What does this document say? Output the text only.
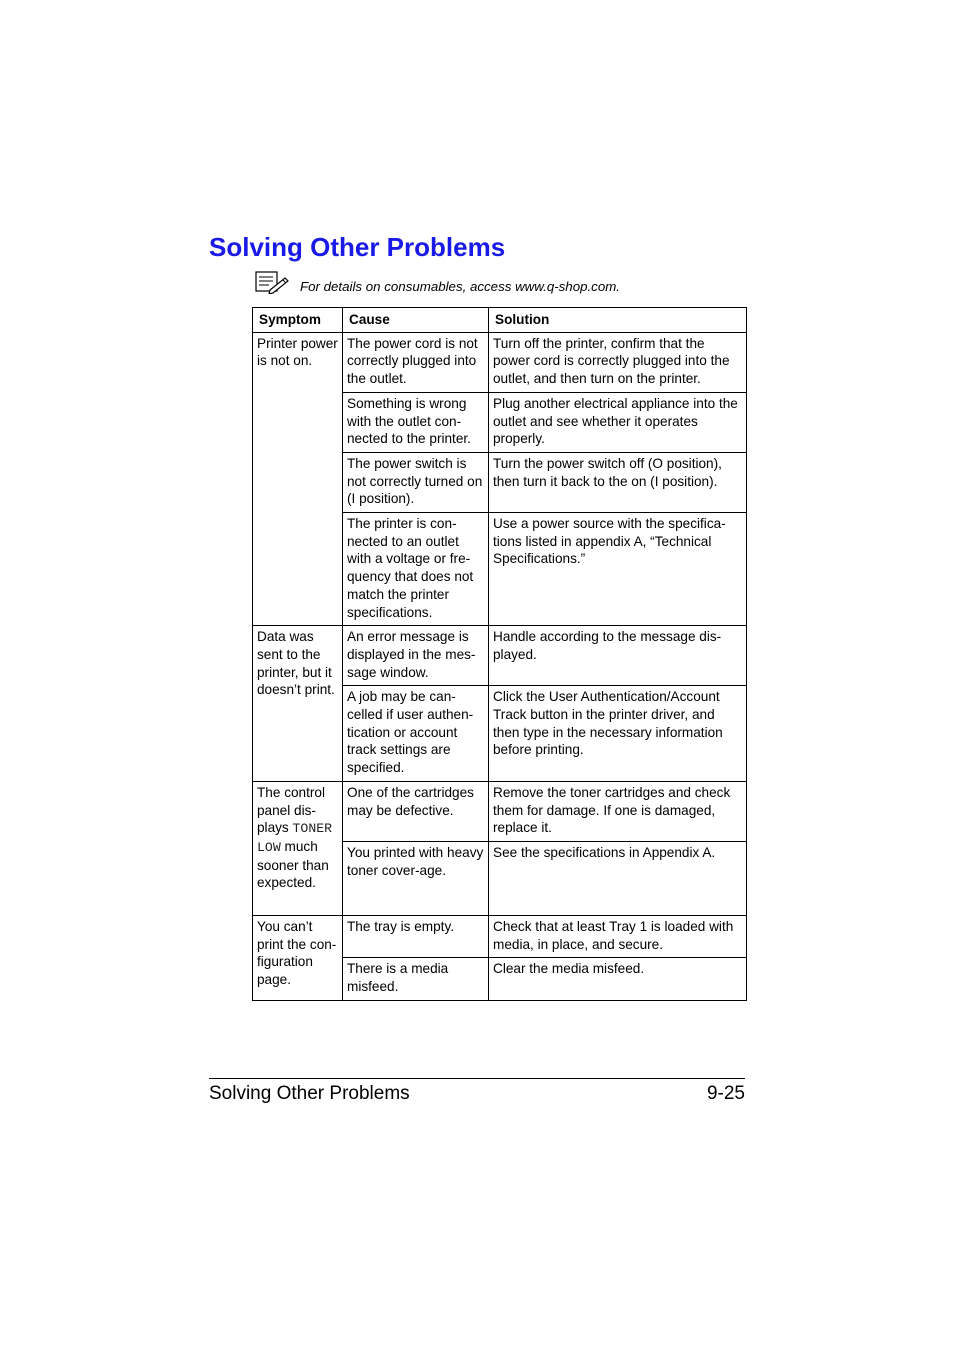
Solving Other Problems
For details on consumables, access www.q-shop.com.
Symptom	Cause	Solution
Printer power is not on.	The power cord is not correctly plugged into the outlet.	Turn off the printer, confirm that the power cord is correctly plugged into the outlet, and then turn on the printer.
	Something is wrong with the outlet con-nected to the printer.	Plug another electrical appliance into the outlet and see whether it operates properly.
	The power switch is not correctly turned on (I position).	Turn the power switch off (O position), then turn it back to the on (I position).
	The printer is con-nected to an outlet with a voltage or fre-quency that does not match the printer specifications.	Use a power source with the specifica-tions listed in appendix A, “Technical Specifications.”
Data was sent to the printer, but it doesn’t print.	An error message is displayed in the mes-sage window.	Handle according to the message dis-played.
	A job may be can-celled if user authen-tication or account track settings are specified.	Click the User Authentication/Account Track button in the printer driver, and then type in the necessary information before printing.
The control panel dis-plays TONER LOW much sooner than expected.	One of the cartridges may be defective.	Remove the toner cartridges and check them for damage. If one is damaged, replace it.
	You printed with heavy toner cover-age.	See the specifications in Appendix A.
You can’t print the con-figuration page.	The tray is empty.	Check that at least Tray 1 is loaded with media, in place, and secure.
	There is a media misfeed.	Clear the media misfeed.
Solving Other Problems	9-25
